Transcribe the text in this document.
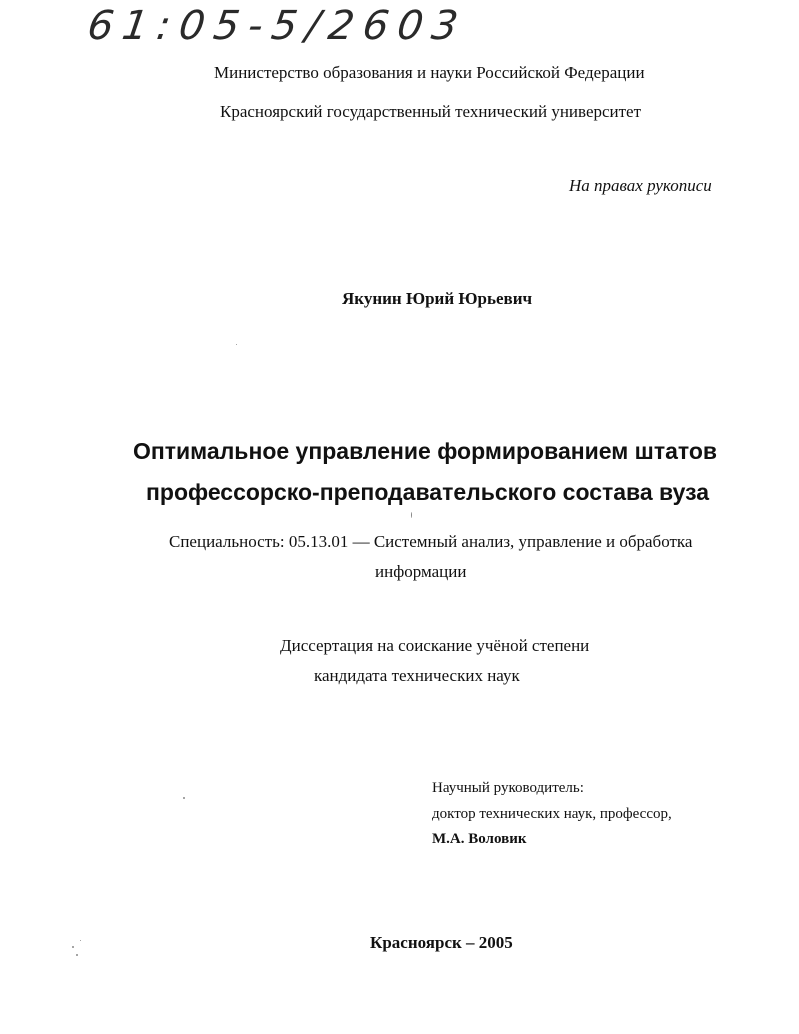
61:05-5/2603
Министерство образования и науки Российской Федерации
Красноярский государственный технический университет
На правах рукописи
Якунин Юрий Юрьевич
Оптимальное управление формированием штатов
профессорско-преподавательского состава вуза
Специальность: 05.13.01 — Системный анализ, управление и обработка
информации
Диссертация на соискание учёной степени
кандидата технических наук
Научный руководитель:
доктор технических наук, профессор,
М.А. Воловик
Красноярск – 2005
